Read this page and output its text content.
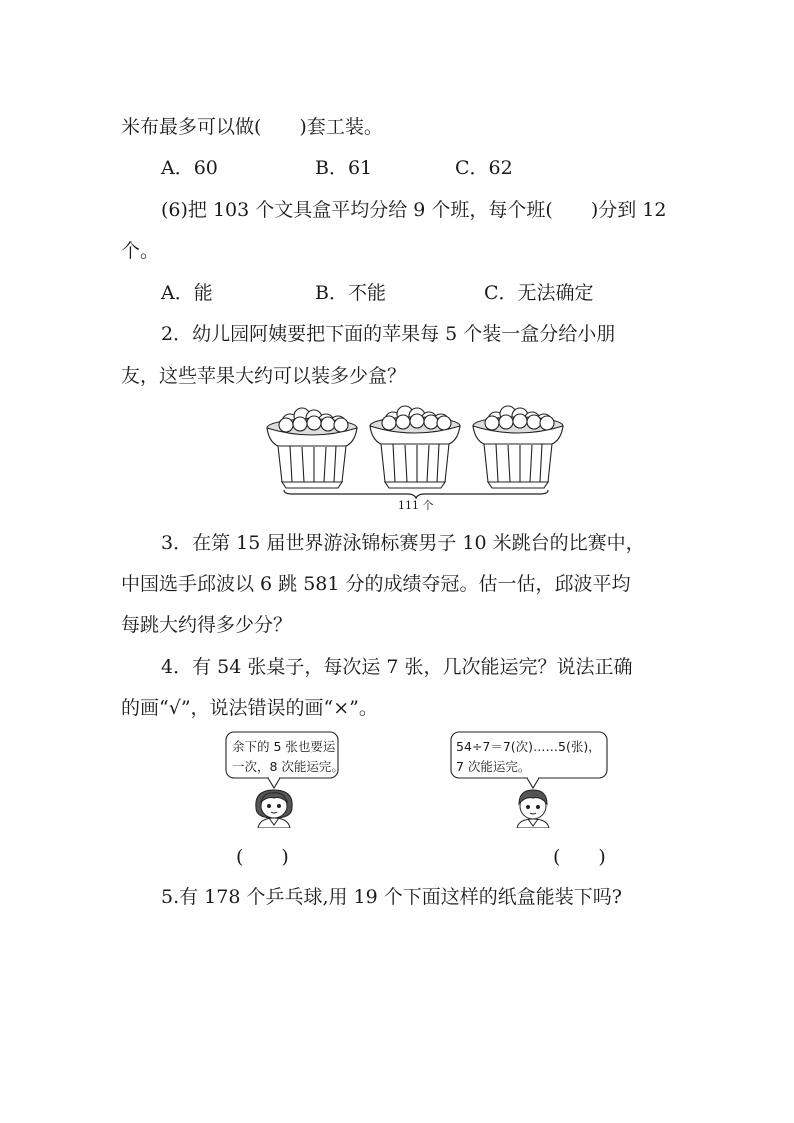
米布最多可以做(　　)套工装。
A．60	B．61	C．62
(6)把 103 个文具盒平均分给 9 个班，每个班(　　)分到 12
个。
A．能	B．不能	C．无法确定
2．幼儿园阿姨要把下面的苹果每 5 个装一盒分给小朋
友，这些苹果大约可以装多少盒？
111 个
3．在第 15 届世界游泳锦标赛男子 10 米跳台的比赛中，
中国选手邱波以 6 跳 581 分的成绩夺冠。估一估，邱波平均
每跳大约得多少分？
4．有 54 张桌子，每次运 7 张，几次能运完？说法正确
的画“√”，说法错误的画“×”。
余下的 5 张也要运
一次，8 次能运完。
54÷7＝7(次)……5(张)，
7 次能运完。
(　　)	(　　)
5.有 178 个乒乓球,用 19 个下面这样的纸盒能装下吗?
